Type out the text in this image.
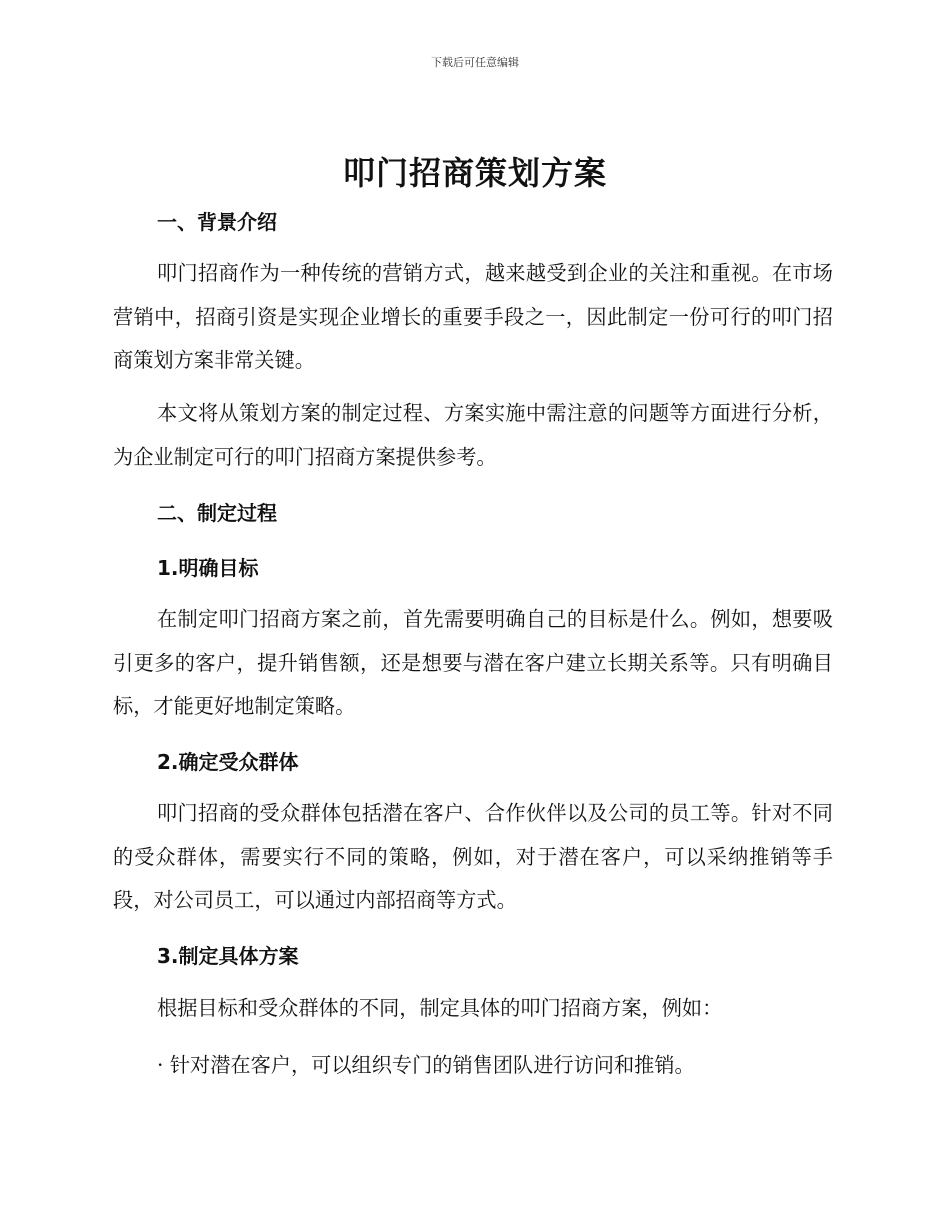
下载后可任意编辑
叩门招商策划方案
一、背景介绍
叩门招商作为一种传统的营销方式，越来越受到企业的关注和重视。在市场营销中，招商引资是实现企业增长的重要手段之一，因此制定一份可行的叩门招商策划方案非常关键。
本文将从策划方案的制定过程、方案实施中需注意的问题等方面进行分析，为企业制定可行的叩门招商方案提供参考。
二、制定过程
1.明确目标
在制定叩门招商方案之前，首先需要明确自己的目标是什么。例如，想要吸引更多的客户，提升销售额，还是想要与潜在客户建立长期关系等。只有明确目标，才能更好地制定策略。
2.确定受众群体
叩门招商的受众群体包括潜在客户、合作伙伴以及公司的员工等。针对不同的受众群体，需要实行不同的策略，例如，对于潜在客户，可以采纳推销等手段，对公司员工，可以通过内部招商等方式。
3.制定具体方案
根据目标和受众群体的不同，制定具体的叩门招商方案，例如：
· 针对潜在客户，可以组织专门的销售团队进行访问和推销。
